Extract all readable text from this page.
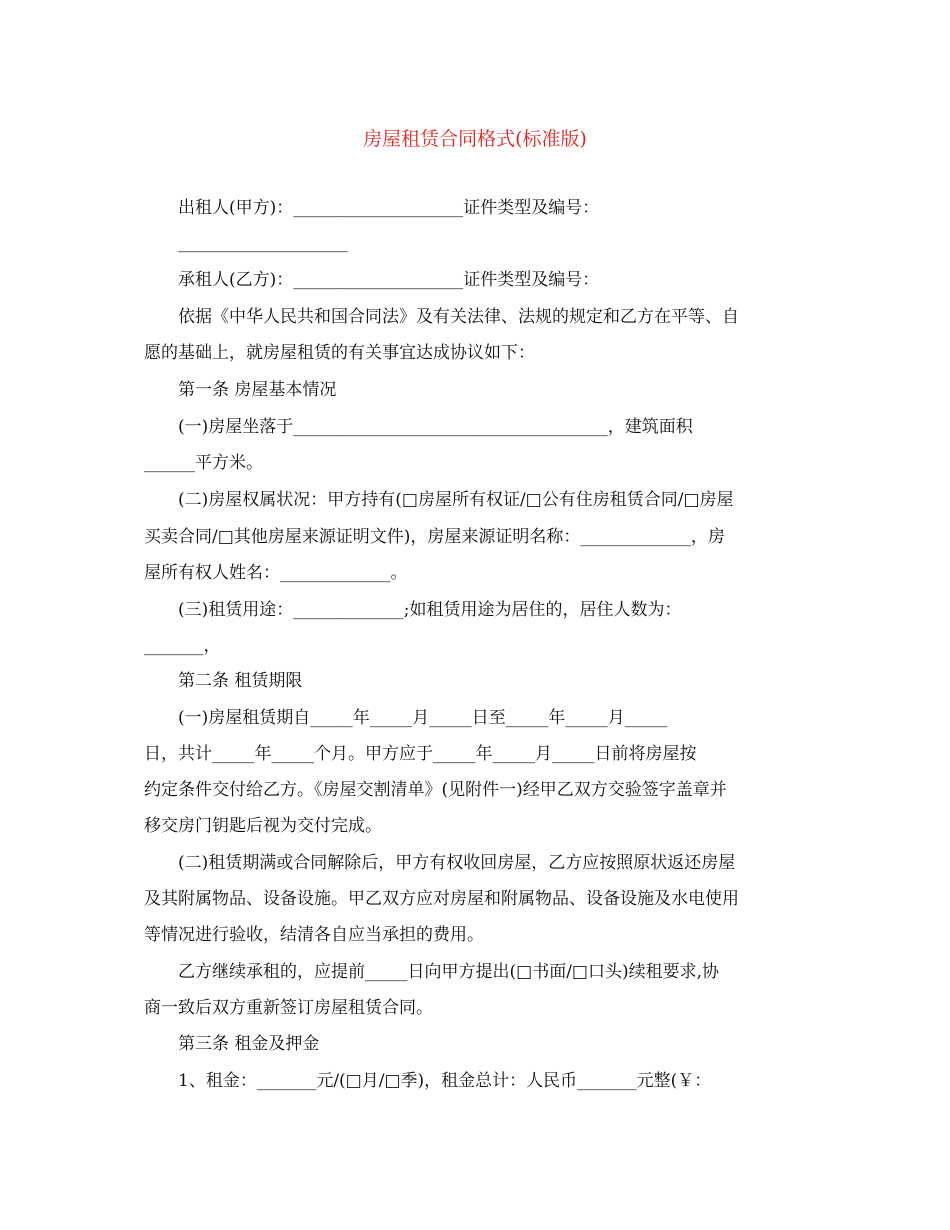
房屋租赁合同格式(标准版)
出租人(甲方)：____________________证件类型及编号：
____________________
承租人(乙方)：____________________证件类型及编号：
依据《中华人民共和国合同法》及有关法律、法规的规定和乙方在平等、自
愿的基础上，就房屋租赁的有关事宜达成协议如下：
第一条 房屋基本情况
(一)房屋坐落于_____________________________________，建筑面积
______平方米。
(二)房屋权属状况：甲方持有(□房屋所有权证/□公有住房租赁合同/□房屋
买卖合同/□其他房屋来源证明文件)，房屋来源证明名称：_____________，房
屋所有权人姓名：_____________。
(三)租赁用途：_____________;如租赁用途为居住的，居住人数为：
_______，
第二条 租赁期限
(一)房屋租赁期自_____年_____月_____日至_____年_____月_____
日，共计_____年_____个月。甲方应于_____年_____月_____日前将房屋按
约定条件交付给乙方。《房屋交割清单》(见附件一)经甲乙双方交验签字盖章并
移交房门钥匙后视为交付完成。
(二)租赁期满或合同解除后，甲方有权收回房屋，乙方应按照原状返还房屋
及其附属物品、设备设施。甲乙双方应对房屋和附属物品、设备设施及水电使用
等情况进行验收，结清各自应当承担的费用。
乙方继续承租的，应提前_____日向甲方提出(□书面/□口头)续租要求,协
商一致后双方重新签订房屋租赁合同。
第三条 租金及押金
1、租金：_______元/(□月/□季)，租金总计：人民币_______元整(￥：
